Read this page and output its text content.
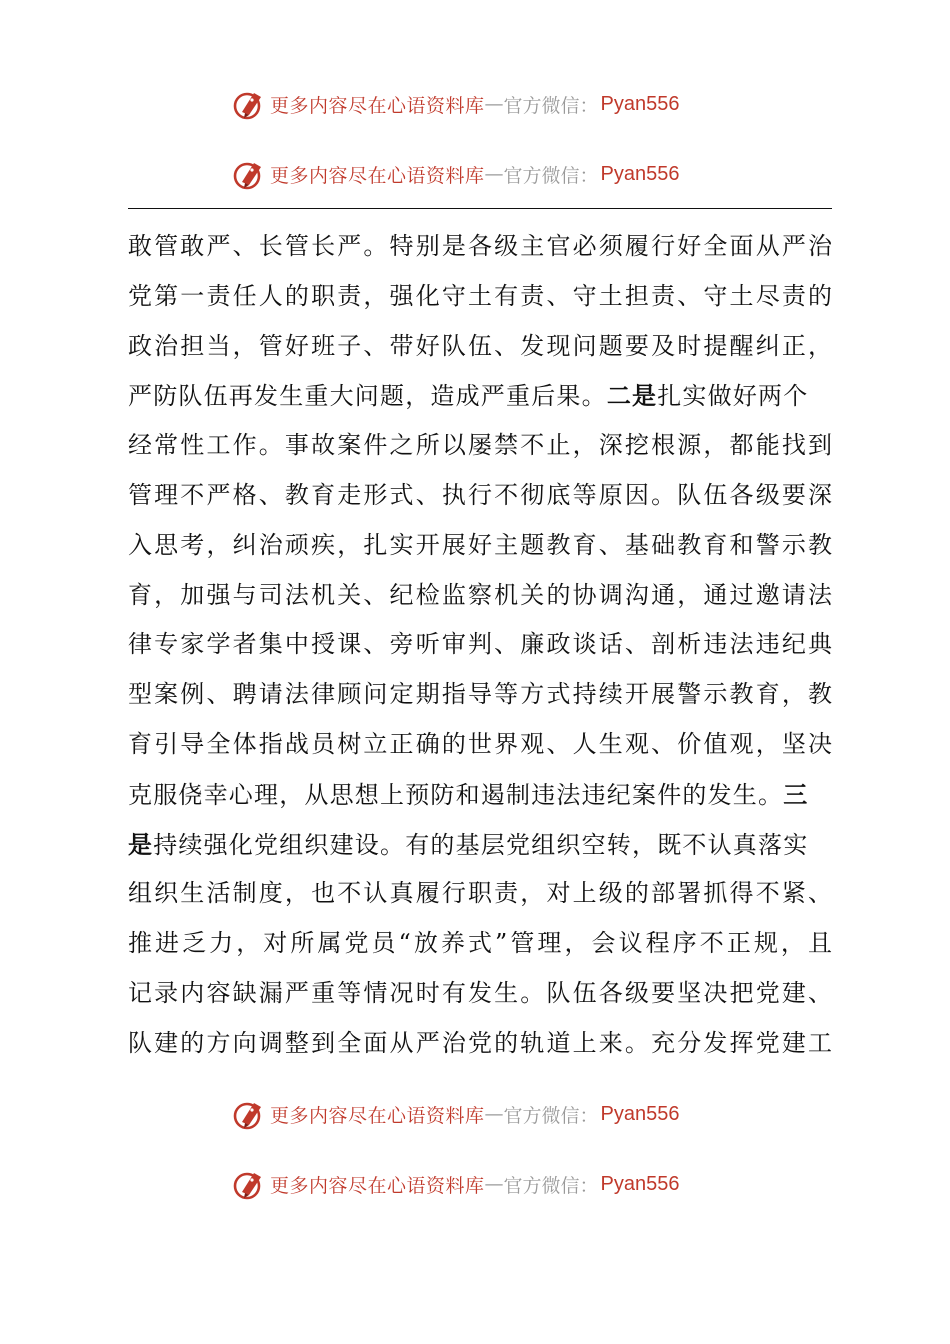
更多内容尽在心语资料库 — 官方微信： Pyan556
更多内容尽在心语资料库 — 官方微信： Pyan556
敢管敢严、长管长严。特别是各级主官必须履行好全面从严治
党第一责任人的职责，强化守土有责、守土担责、守土尽责的
政治担当，管好班子、带好队伍、发现问题要及时提醒纠正，
严防队伍再发生重大问题，造成严重后果。二是扎实做好两个
经常性工作。事故案件之所以屡禁不止，深挖根源，都能找到
管理不严格、教育走形式、执行不彻底等原因。队伍各级要深
入思考，纠治顽疾，扎实开展好主题教育、基础教育和警示教
育，加强与司法机关、纪检监察机关的协调沟通，通过邀请法
律专家学者集中授课、旁听审判、廉政谈话、剖析违法违纪典
型案例、聘请法律顾问定期指导等方式持续开展警示教育，教
育引导全体指战员树立正确的世界观、人生观、价值观，坚决
克服侥幸心理，从思想上预防和遏制违法违纪案件的发生。三
是持续强化党组织建设。有的基层党组织空转，既不认真落实
组织生活制度，也不认真履行职责，对上级的部署抓得不紧、
推进乏力，对所属党员“放养式”管理，会议程序不正规，且
记录内容缺漏严重等情况时有发生。队伍各级要坚决把党建、
队建的方向调整到全面从严治党的轨道上来。充分发挥党建工
更多内容尽在心语资料库 — 官方微信： Pyan556
更多内容尽在心语资料库 — 官方微信： Pyan556
